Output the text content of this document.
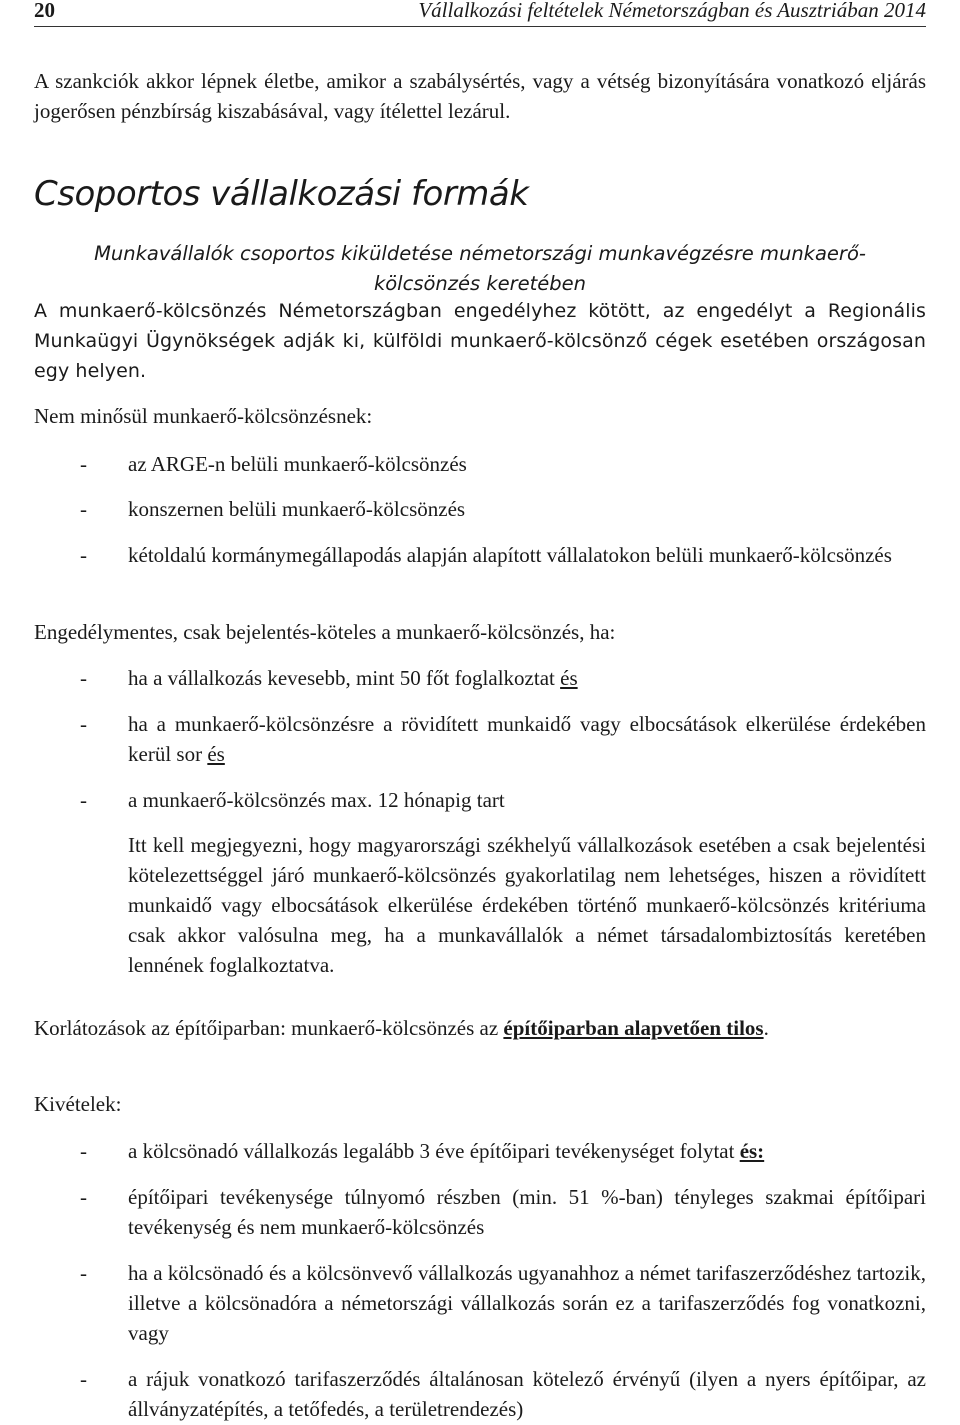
20	Vállalkozási feltételek Németországban és Ausztriában 2014

A szankciók akkor lépnek életbe, amikor a szabálysértés, vagy a vétség bizonyítására vonatkozó eljárás jogerősen pénzbírság kiszabásával, vagy ítélettel lezárul.

Csoportos vállalkozási formák

Munkavállalók csoportos kiküldetése németországi munkavégzésre munkaerő-kölcsönzés keretében

A munkaerő-kölcsönzés Németországban engedélyhez kötött, az engedélyt a Regionális Munkaügyi Ügynökségek adják ki, külföldi munkaerő-kölcsönző cégek esetében országosan egy helyen.

Nem minősül munkaerő-kölcsönzésnek:

- az ARGE-n belüli munkaerő-kölcsönzés
- konszernen belüli munkaerő-kölcsönzés
- kétoldalú kormánymegállapodás alapján alapított vállalatokon belüli munkaerő-kölcsönzés

Engedélymentes, csak bejelentés-köteles a munkaerő-kölcsönzés, ha:

- ha a vállalkozás kevesebb, mint 50 főt foglalkoztat és
- ha a munkaerő-kölcsönzésre a rövidített munkaidő vagy elbocsátások elkerülése érdekében kerül sor és
- a munkaerő-kölcsönzés max. 12 hónapig tart

Itt kell megjegyezni, hogy magyarországi székhelyű vállalkozások esetében a csak bejelentési kötelezettséggel járó munkaerő-kölcsönzés gyakorlatilag nem lehetséges, hiszen a rövidített munkaidő vagy elbocsátások elkerülése érdekében történő munkaerő-kölcsönzés kritériuma csak akkor valósulna meg, ha a munkavállalók a német társadalombiztosítás keretében lennének foglalkoztatva.

Korlátozások az építőiparban: munkaerő-kölcsönzés az építőiparban alapvetően tilos.

Kivételek:

- a kölcsönadó vállalkozás legalább 3 éve építőipari tevékenységet folytat és:
- építőipari tevékenysége túlnyomó részben (min. 51 %-ban) tényleges szakmai építőipari tevékenység és nem munkaerő-kölcsönzés
- ha a kölcsönadó és a kölcsönvevő vállalkozás ugyanahhoz a német tarifaszerződéshez tartozik, illetve a kölcsönadóra a németországi vállalkozás során ez a tarifaszerződés fog vonatkozni, vagy
- a rájuk vonatkozó tarifaszerződés általánosan kötelező érvényű (ilyen a nyers építőipar, az állványzatépítés, a tetőfedés, a területrendezés)
